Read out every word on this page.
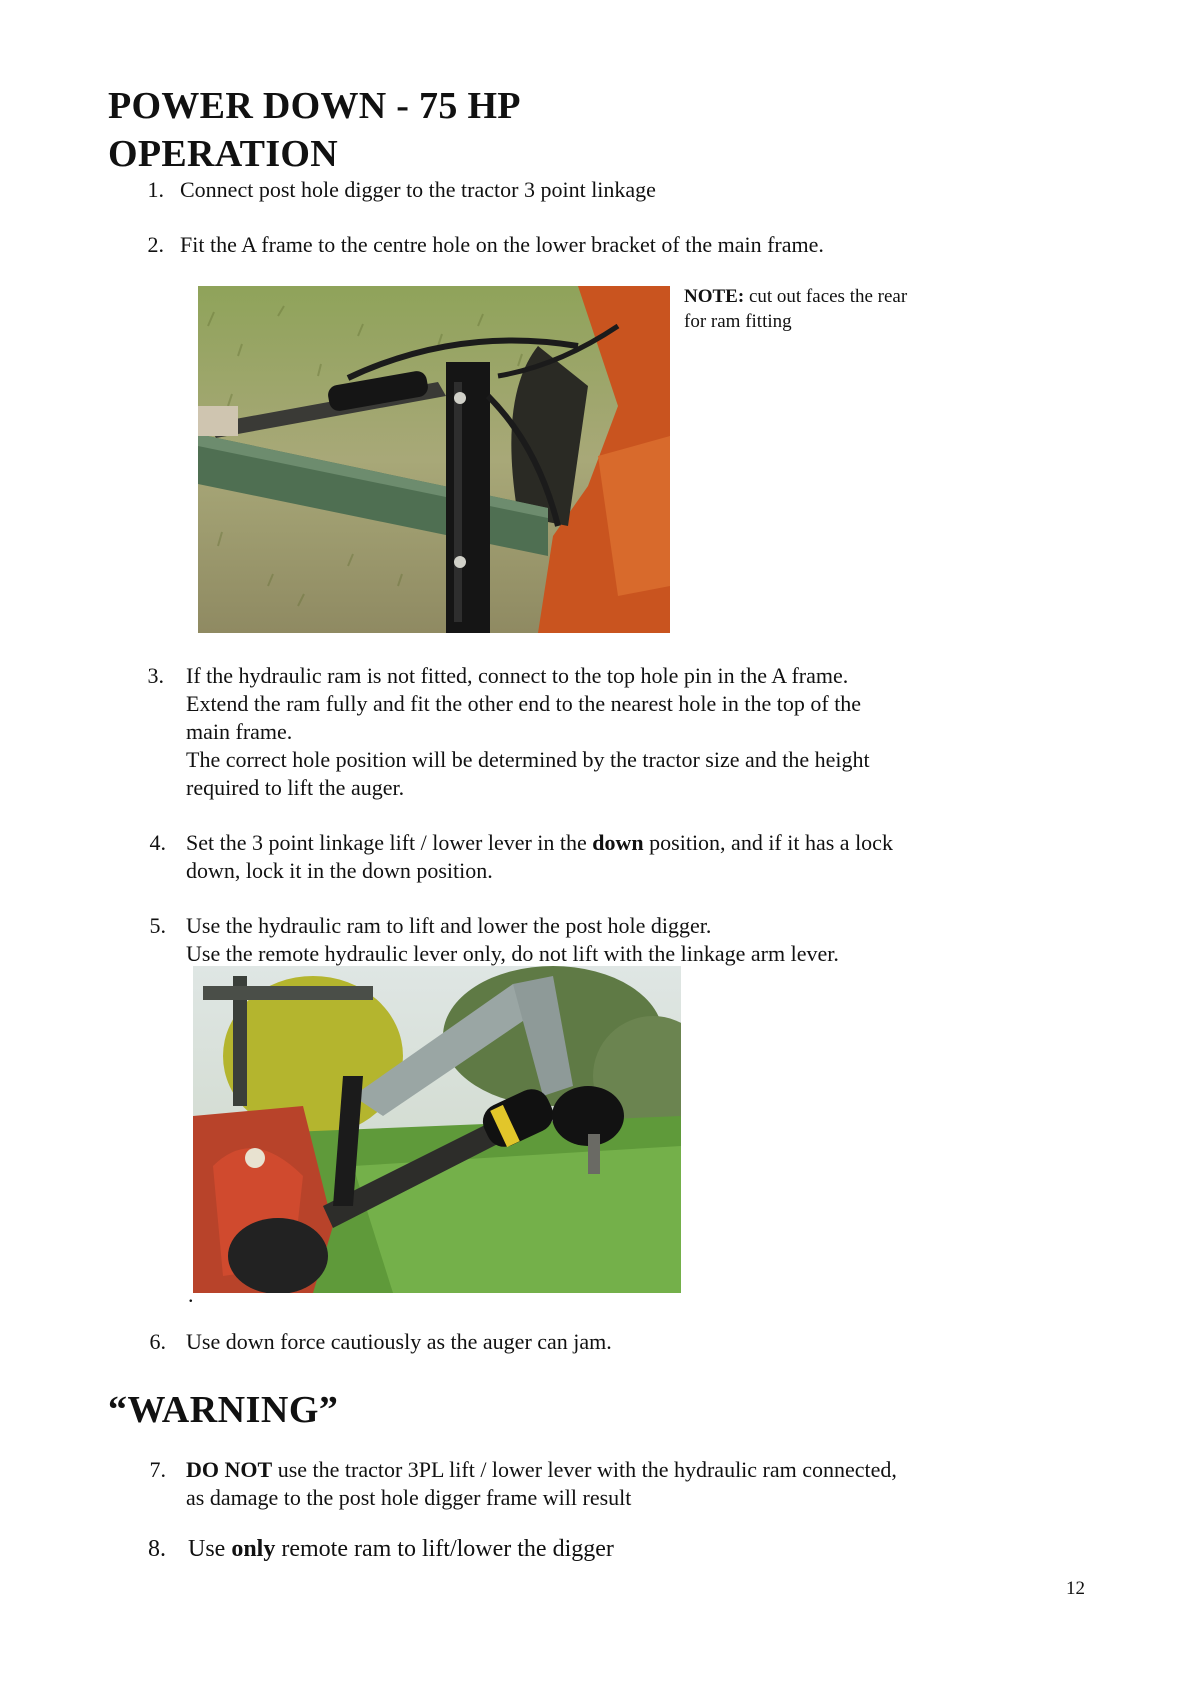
POWER DOWN - 75 HP
OPERATION
1. Connect post hole digger to the tractor 3 point linkage
2. Fit the A frame to the centre hole on the lower bracket of the main frame.
NOTE: cut out faces the rear
for ram fitting
3. If the hydraulic ram is not fitted, connect to the top hole pin in the A frame.
Extend the ram fully and fit the other end to the nearest hole in the top of the
main frame.
The correct hole position will be determined by the tractor size and the height
required to lift the auger.
4. Set the 3 point linkage lift / lower lever in the down position, and if it has a lock
down, lock it in the down position.
5. Use the hydraulic ram to lift and lower the post hole digger.
Use the remote hydraulic lever only, do not lift with the linkage arm lever.
.
6. Use down force cautiously as the auger can jam.
“WARNING”
7. DO NOT use the tractor 3PL lift / lower lever with the hydraulic ram connected,
as damage to the post hole digger frame will result
8. Use only remote ram to lift/lower the digger
12
